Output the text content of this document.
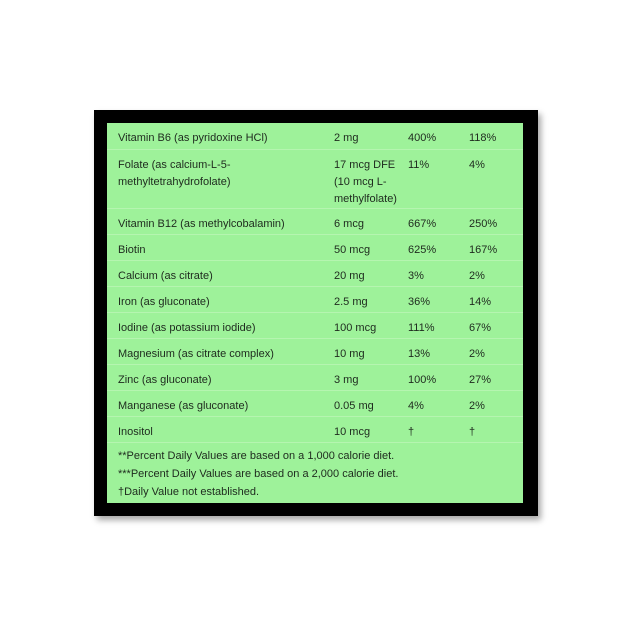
Vitamin B6 (as pyridoxine HCl)	2 mg	400%	118%
Folate (as calcium-L-5-methyltetrahydrofolate)	17 mcg DFE (10 mcg L-methylfolate)	11%	4%
Vitamin B12 (as methylcobalamin)	6 mcg	667%	250%
Biotin	50 mcg	625%	167%
Calcium (as citrate)	20 mg	3%	2%
Iron (as gluconate)	2.5 mg	36%	14%
Iodine (as potassium iodide)	100 mcg	111%	67%
Magnesium (as citrate complex)	10 mg	13%	2%
Zinc (as gluconate)	3 mg	100%	27%
Manganese (as gluconate)	0.05 mg	4%	2%
Inositol	10 mcg	†	†
**Percent Daily Values are based on a 1,000 calorie diet.
***Percent Daily Values are based on a 2,000 calorie diet.
†Daily Value not established.
